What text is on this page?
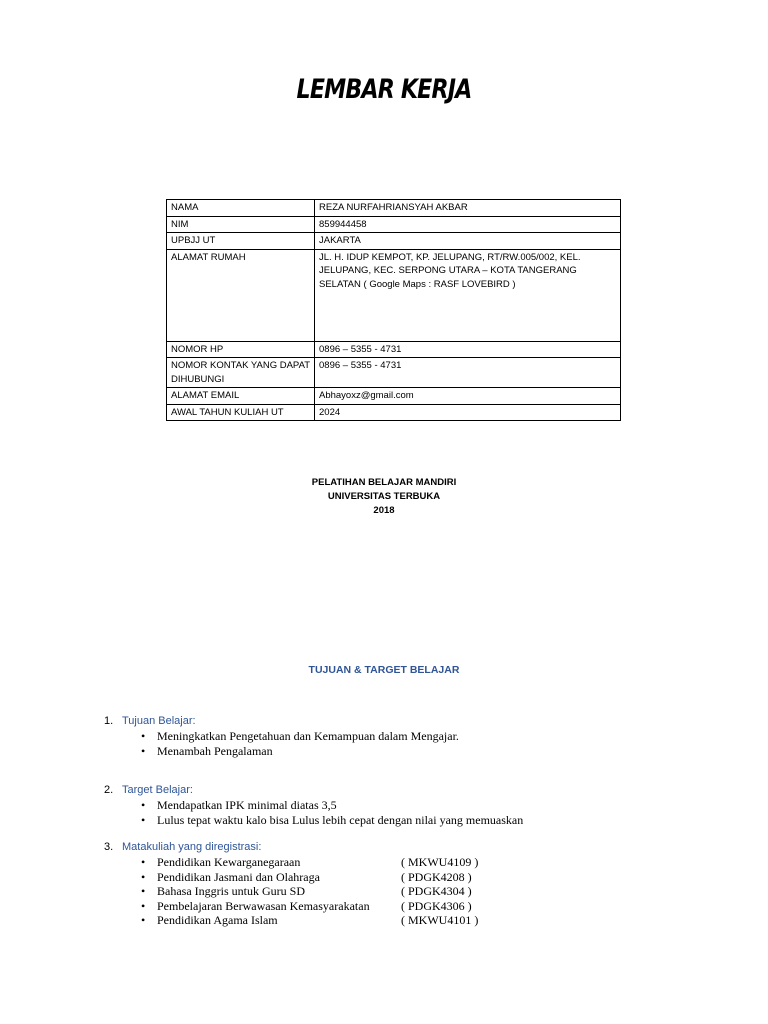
LEMBAR KERJA
NAMA	REZA NURFAHRIANSYAH AKBAR
NIM	859944458
UPBJJ UT	JAKARTA
ALAMAT RUMAH	JL. H. IDUP KEMPOT, KP. JELUPANG, RT/RW.005/002, KEL. JELUPANG, KEC. SERPONG UTARA – KOTA TANGERANG SELATAN ( Google Maps : RASF LOVEBIRD )
NOMOR HP	0896 – 5355 - 4731
NOMOR KONTAK YANG DAPAT DIHUBUNGI	0896 – 5355 - 4731
ALAMAT EMAIL	Abhayoxz@gmail.com
AWAL TAHUN KULIAH UT	2024
PELATIHAN BELAJAR MANDIRI
UNIVERSITAS TERBUKA
2018
TUJUAN & TARGET BELAJAR
1. Tujuan Belajar:
• Meningkatkan Pengetahuan dan Kemampuan dalam Mengajar.
• Menambah Pengalaman
2. Target Belajar:
• Mendapatkan IPK minimal diatas 3,5
• Lulus tepat waktu kalo bisa Lulus lebih cepat dengan nilai yang memuaskan
3. Matakuliah yang diregistrasi:
• Pendidikan Kewarganegaraan	( MKWU4109 )
• Pendidikan Jasmani dan Olahraga	( PDGK4208 )
• Bahasa Inggris untuk Guru SD	( PDGK4304 )
• Pembelajaran Berwawasan Kemasyarakatan	( PDGK4306 )
• Pendidikan Agama Islam	( MKWU4101 )
